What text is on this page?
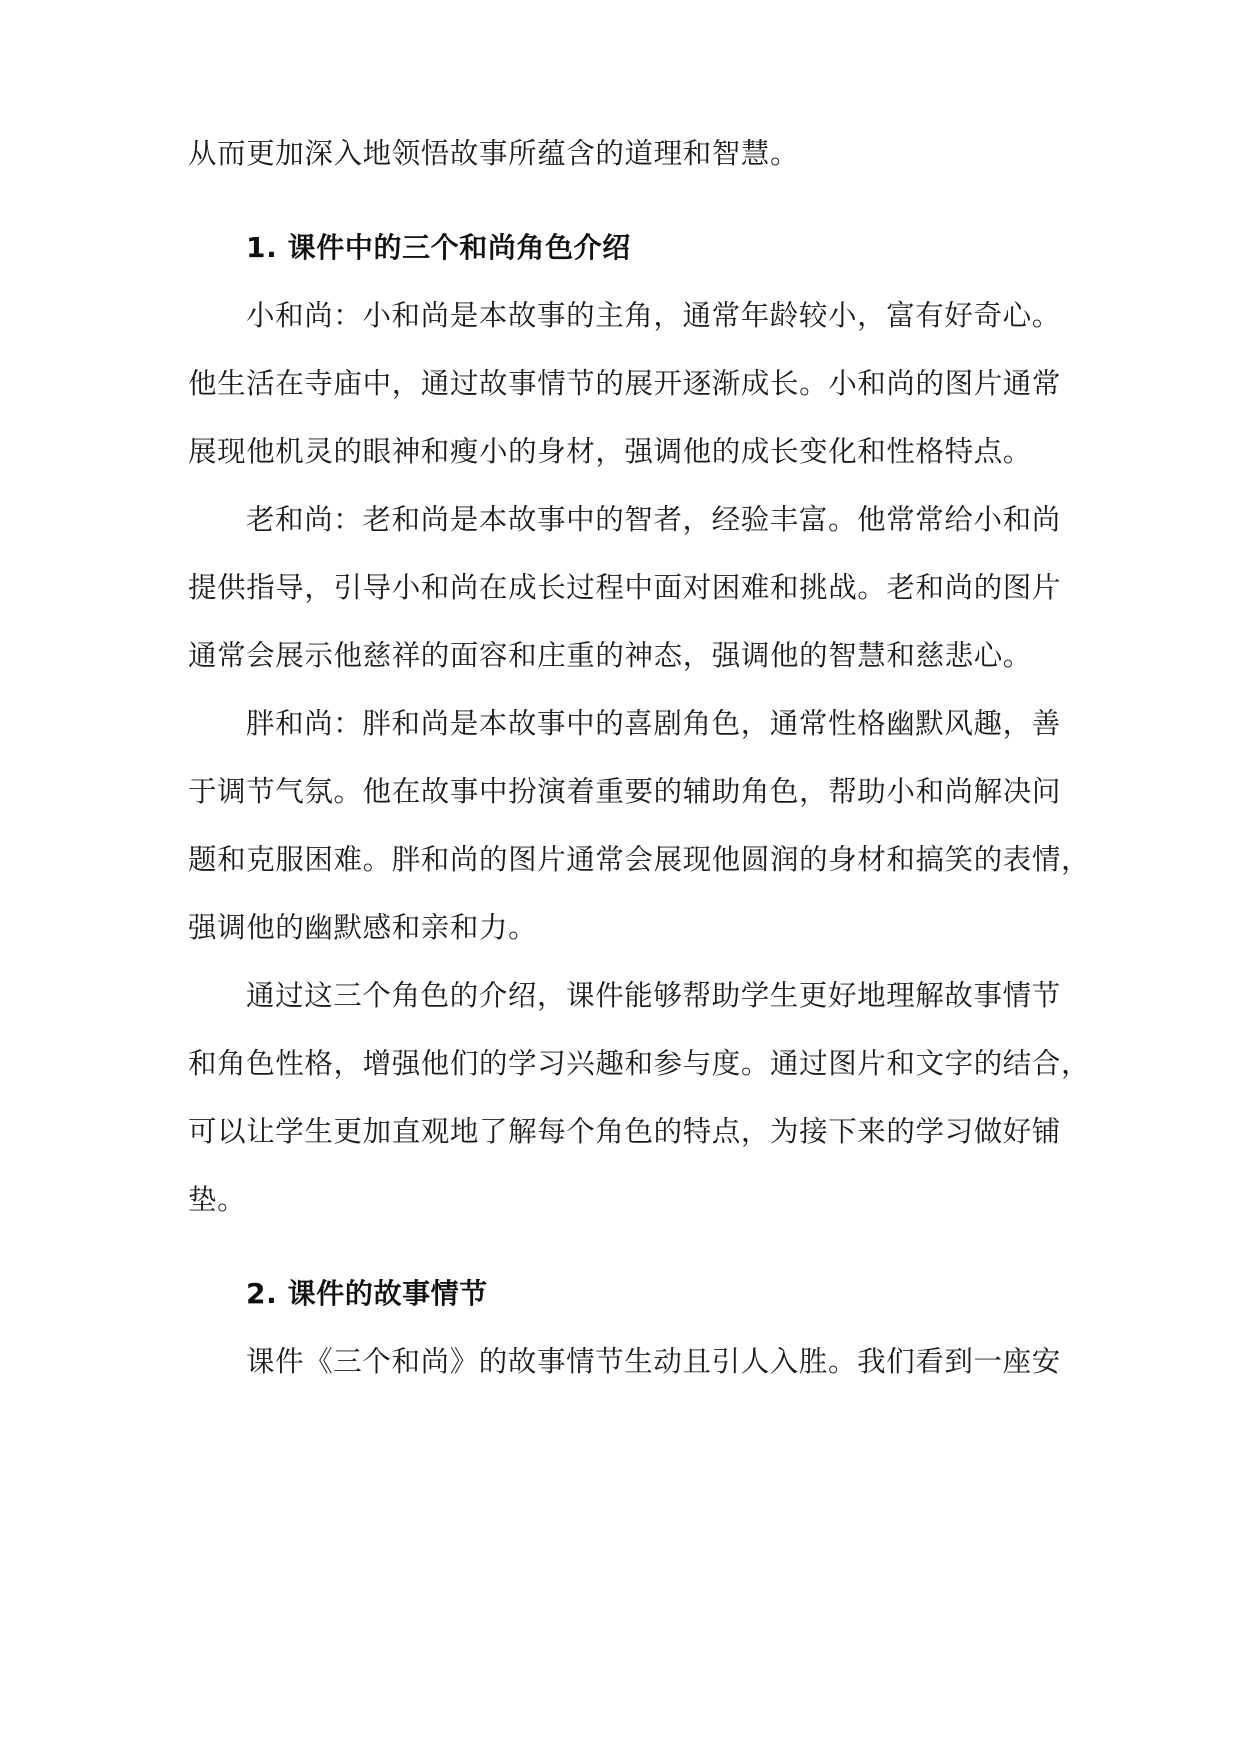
从而更加深入地领悟故事所蕴含的道理和智慧。
1. 课件中的三个和尚角色介绍
小和尚：小和尚是本故事的主角，通常年龄较小，富有好奇心。
他生活在寺庙中，通过故事情节的展开逐渐成长。小和尚的图片通常
展现他机灵的眼神和瘦小的身材，强调他的成长变化和性格特点。
老和尚：老和尚是本故事中的智者，经验丰富。他常常给小和尚
提供指导，引导小和尚在成长过程中面对困难和挑战。老和尚的图片
通常会展示他慈祥的面容和庄重的神态，强调他的智慧和慈悲心。
胖和尚：胖和尚是本故事中的喜剧角色，通常性格幽默风趣，善
于调节气氛。他在故事中扮演着重要的辅助角色，帮助小和尚解决问
题和克服困难。胖和尚的图片通常会展现他圆润的身材和搞笑的表情，
强调他的幽默感和亲和力。
通过这三个角色的介绍，课件能够帮助学生更好地理解故事情节
和角色性格，增强他们的学习兴趣和参与度。通过图片和文字的结合，
可以让学生更加直观地了解每个角色的特点，为接下来的学习做好铺
垫。
2. 课件的故事情节
课件《三个和尚》的故事情节生动且引人入胜。我们看到一座安
